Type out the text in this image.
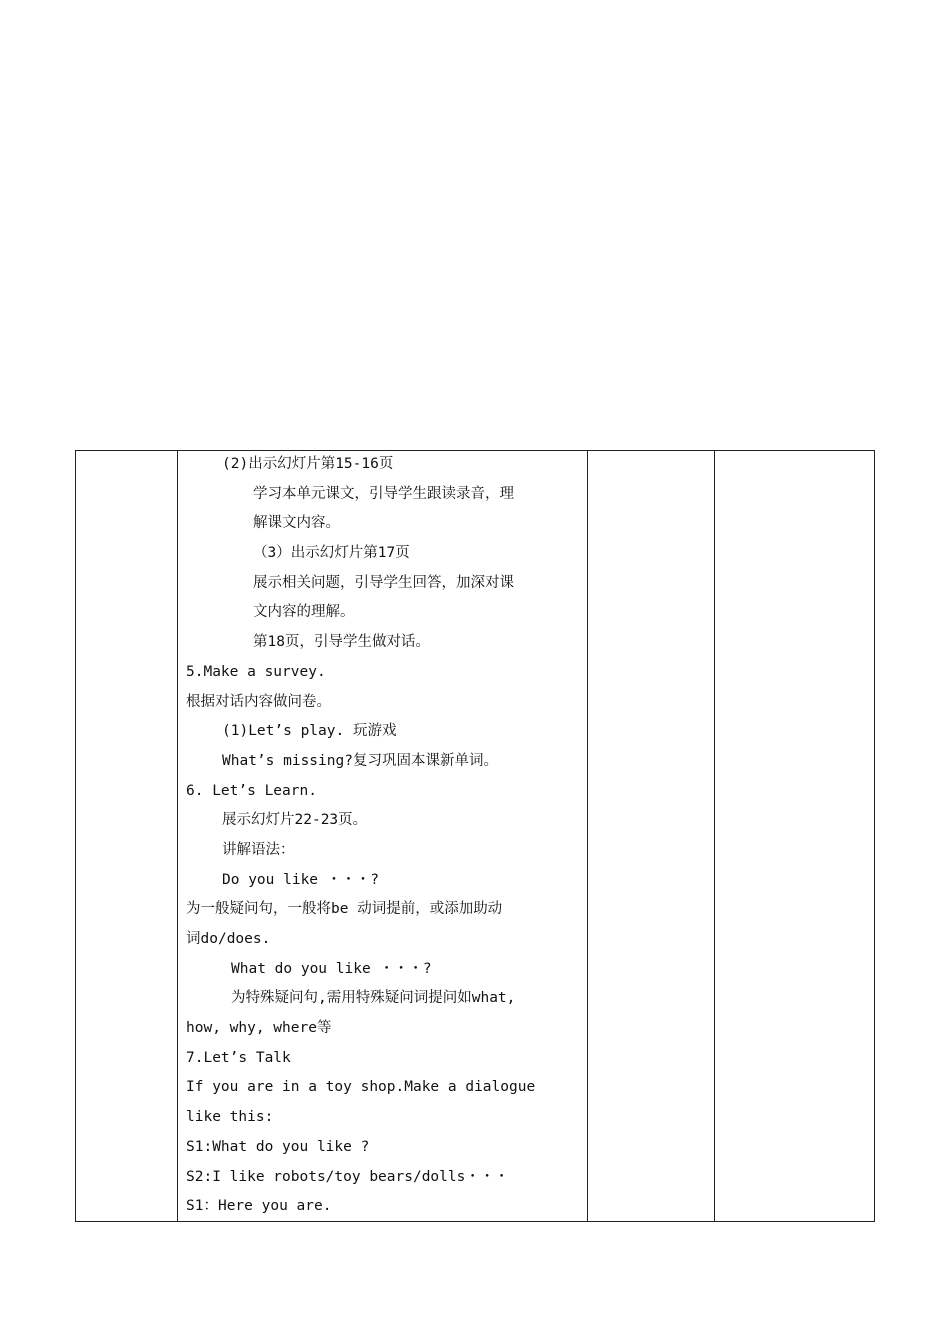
(2)出示幻灯片第15-16页
学习本单元课文，引导学生跟读录音，理
解课文内容。
（3）出示幻灯片第17页
展示相关问题，引导学生回答，加深对课
文内容的理解。
第18页，引导学生做对话。
5.Make a survey.
根据对话内容做问卷。
(1)Let’s play. 玩游戏
What’s missing?复习巩固本课新单词。
6. Let’s Learn.
展示幻灯片22-23页。
讲解语法：
Do you like ・・・?
为一般疑问句，一般将be 动词提前，或添加助动
词do/does.
What do you like ・・・?
为特殊疑问句,需用特殊疑问词提问如what,
how, why, where等
7.Let’s Talk
If you are in a toy shop.Make a dialogue
like this:
S1:What do you like ?
S2:I like robots/toy bears/dolls・・・
S1：Here you are.
